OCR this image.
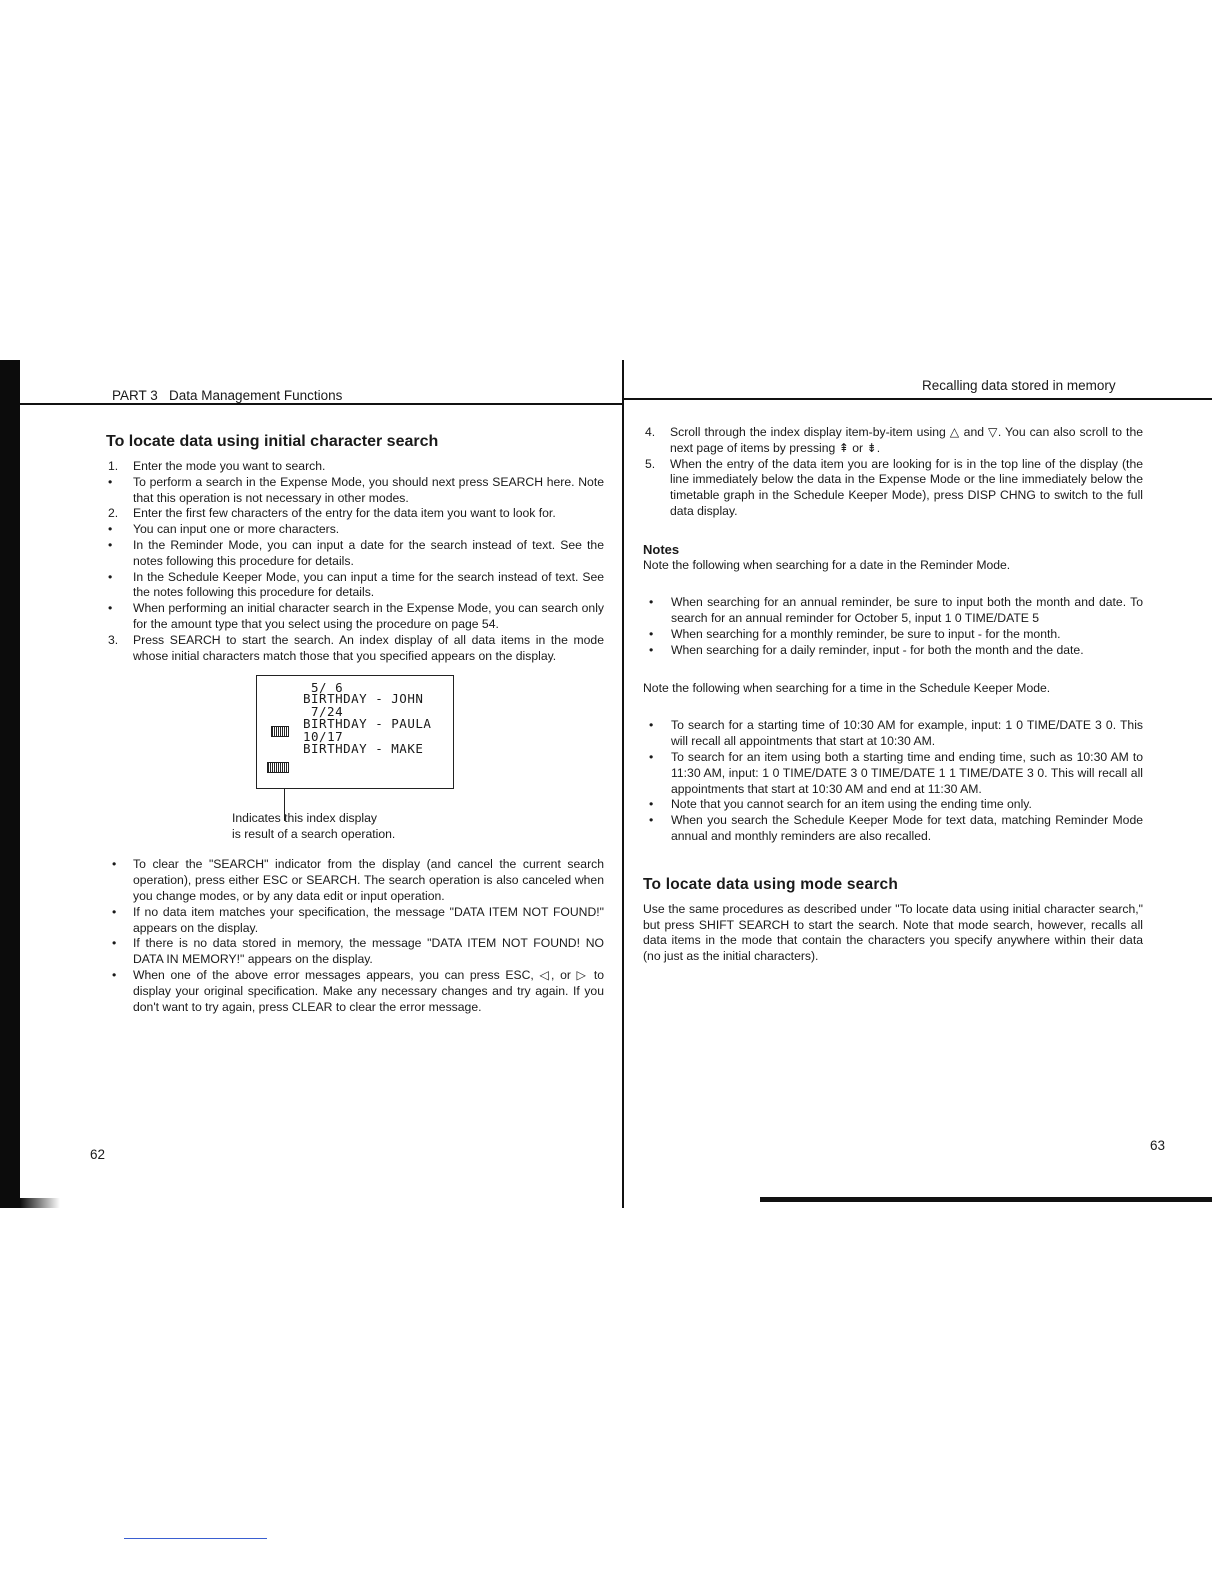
PART 3   Data Management Functions
Recalling data stored in memory
To locate data using initial character search
1. Enter the mode you want to search.
• To perform a search in the Expense Mode, you should next press SEARCH here. Note that this operation is not necessary in other modes.
2. Enter the first few characters of the entry for the data item you want to look for.
• You can input one or more characters.
• In the Reminder Mode, you can input a date for the search instead of text. See the notes following this procedure for details.
• In the Schedule Keeper Mode, you can input a time for the search instead of text. See the notes following this procedure for details.
• When performing an initial character search in the Expense Mode, you can search only for the amount type that you select using the procedure on page 54.
3. Press SEARCH to start the search. An index display of all data items in the mode whose initial characters match those that you specified appears on the display.
5/ 6
BIRTHDAY - JOHN
7/24
BIRTHDAY - PAULA
10/17
BIRTHDAY - MAKE
Indicates this index display
is result of a search operation.
• To clear the "SEARCH" indicator from the display (and cancel the current search operation), press either ESC or SEARCH. The search operation is also canceled when you change modes, or by any data edit or input operation.
• If no data item matches your specification, the message "DATA ITEM NOT FOUND!" appears on the display.
• If there is no data stored in memory, the message "DATA ITEM NOT FOUND! NO DATA IN MEMORY!" appears on the display.
• When one of the above error messages appears, you can press ESC, ◁, or ▷ to display your original specification. Make any necessary changes and try again. If you don't want to try again, press CLEAR to clear the error message.
4. Scroll through the index display item-by-item using △ and ▽. You can also scroll to the next page of items by pressing ⇞ or ⇟.
5. When the entry of the data item you are looking for is in the top line of the display (the line immediately below the data in the Expense Mode or the line immediately below the timetable graph in the Schedule Keeper Mode), press DISP CHNG to switch to the full data display.
Notes

Note the following when searching for a date in the Reminder Mode.

• When searching for an annual reminder, be sure to input both the month and date. To search for an annual reminder for October 5, input 1 0 TIME/DATE 5
• When searching for a monthly reminder, be sure to input - for the month.
• When searching for a daily reminder, input - for both the month and the date.

Note the following when searching for a time in the Schedule Keeper Mode.

• To search for a starting time of 10:30 AM for example, input: 1 0 TIME/DATE 3 0. This will recall all appointments that start at 10:30 AM.
• To search for an item using both a starting time and ending time, such as 10:30 AM to 11:30 AM, input: 1 0 TIME/DATE 3 0 TIME/DATE 1 1 TIME/DATE 3 0. This will recall all appointments that start at 10:30 AM and end at 11:30 AM.
• Note that you cannot search for an item using the ending time only.
• When you search the Schedule Keeper Mode for text data, matching Reminder Mode annual and monthly reminders are also recalled.
To locate data using mode search

Use the same procedures as described under "To locate data using initial character search," but press SHIFT SEARCH to start the search. Note that mode search, however, recalls all data items in the mode that contain the characters you specify anywhere within their data (no just as the initial characters).

62
63
